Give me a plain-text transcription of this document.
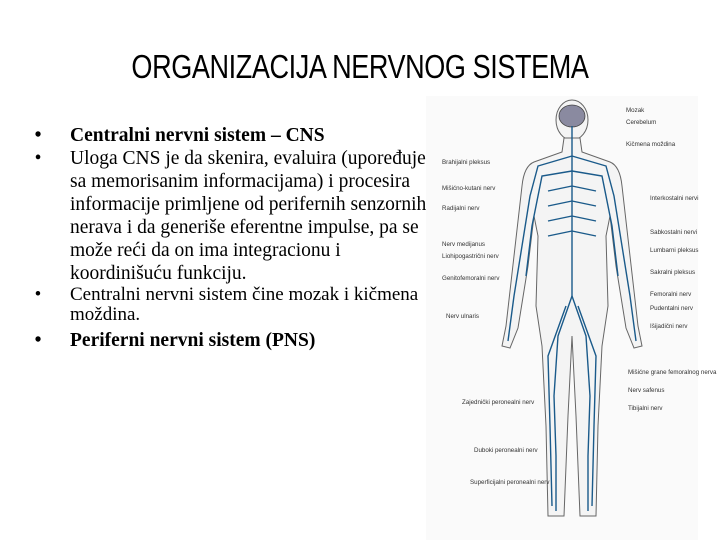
ORGANIZACIJA NERVNOG SISTEMA
•	Centralni nervni sistem – CNS
•	Uloga CNS je da skenira, evaluira (upoređuje sa memorisanim informacijama) i procesira informacije primljene od perifernih senzornih nerava i da generiše eferentne impulse, pa se može reći da on ima integracionu i koordinišuću funkciju.
•	Centralni nervni sistem čine mozak i kičmena moždina.
•	Periferni nervni sistem (PNS)
Brahijalni pleksus
Mišićno-kutani nerv
Radijalni nerv
Nerv medijanus
Liohipogastrični nerv
Genitofemoralni nerv
Nerv ulnaris
Zajednički peronealni nerv
Duboki peronealni nerv
Superficijalni peronealni nerv
Mozak
Cerebelum
Kičmena moždina
Interkostalni nervi
Sabkostalni nervi
Lumbarni pleksus
Sakralni pleksus
Femoralni nerv
Pudentalni nerv
Išijadični nerv
Mišićne grane femoralnog nerva
Nerv safenus
Tibijalni nerv
